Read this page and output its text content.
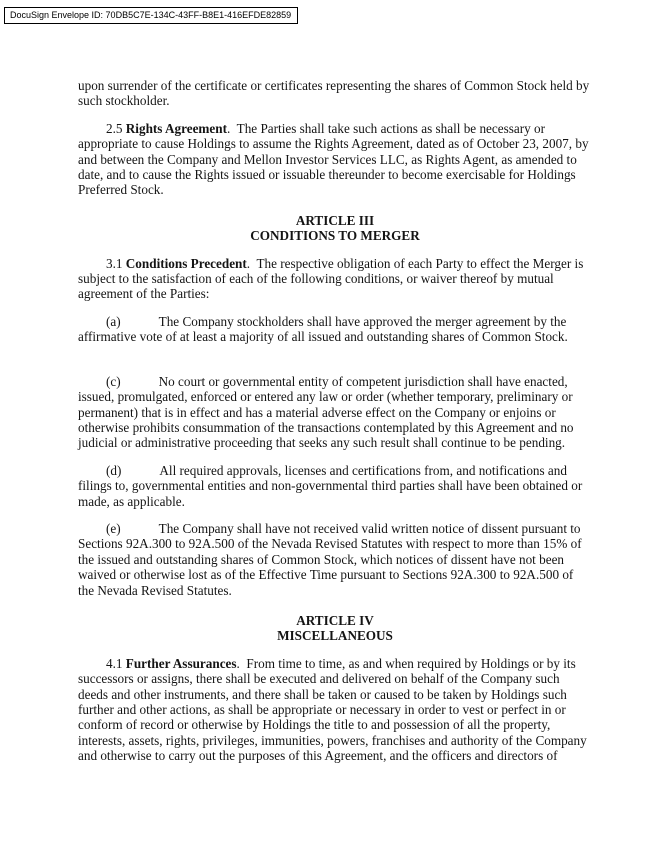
DocuSign Envelope ID: 70DB5C7E-134C-43FF-B8E1-416EFDE82859

upon surrender of the certificate or certificates representing the shares of Common Stock held by such stockholder.

2.5 Rights Agreement.  The Parties shall take such actions as shall be necessary or appropriate to cause Holdings to assume the Rights Agreement, dated as of October 23, 2007, by and between the Company and Mellon Investor Services LLC, as Rights Agent, as amended to date, and to cause the Rights issued or issuable thereunder to become exercisable for Holdings Preferred Stock.

ARTICLE III

CONDITIONS TO MERGER

3.1 Conditions Precedent.  The respective obligation of each Party to effect the Merger is subject to the satisfaction of each of the following conditions, or waiver thereof by mutual agreement of the Parties:

(a)	The Company stockholders shall have approved the merger agreement by the affirmative vote of at least a majority of all issued and outstanding shares of Common Stock.

(c)	No court or governmental entity of competent jurisdiction shall have enacted, issued, promulgated, enforced or entered any law or order (whether temporary, preliminary or permanent) that is in effect and has a material adverse effect on the Company or enjoins or otherwise prohibits consummation of the transactions contemplated by this Agreement and no judicial or administrative proceeding that seeks any such result shall continue to be pending.

(d)	All required approvals, licenses and certifications from, and notifications and filings to, governmental entities and non-governmental third parties shall have been obtained or made, as applicable.

(e)	The Company shall have not received valid written notice of dissent pursuant to Sections 92A.300 to 92A.500 of the Nevada Revised Statutes with respect to more than 15% of the issued and outstanding shares of Common Stock, which notices of dissent have not been waived or otherwise lost as of the Effective Time pursuant to Sections 92A.300 to 92A.500 of the Nevada Revised Statutes.

ARTICLE IV

MISCELLANEOUS

4.1 Further Assurances.  From time to time, as and when required by Holdings or by its successors or assigns, there shall be executed and delivered on behalf of the Company such deeds and other instruments, and there shall be taken or caused to be taken by Holdings such further and other actions, as shall be appropriate or necessary in order to vest or perfect in or conform of record or otherwise by Holdings the title to and possession of all the property, interests, assets, rights, privileges, immunities, powers, franchises and authority of the Company and otherwise to carry out the purposes of this Agreement, and the officers and directors of
